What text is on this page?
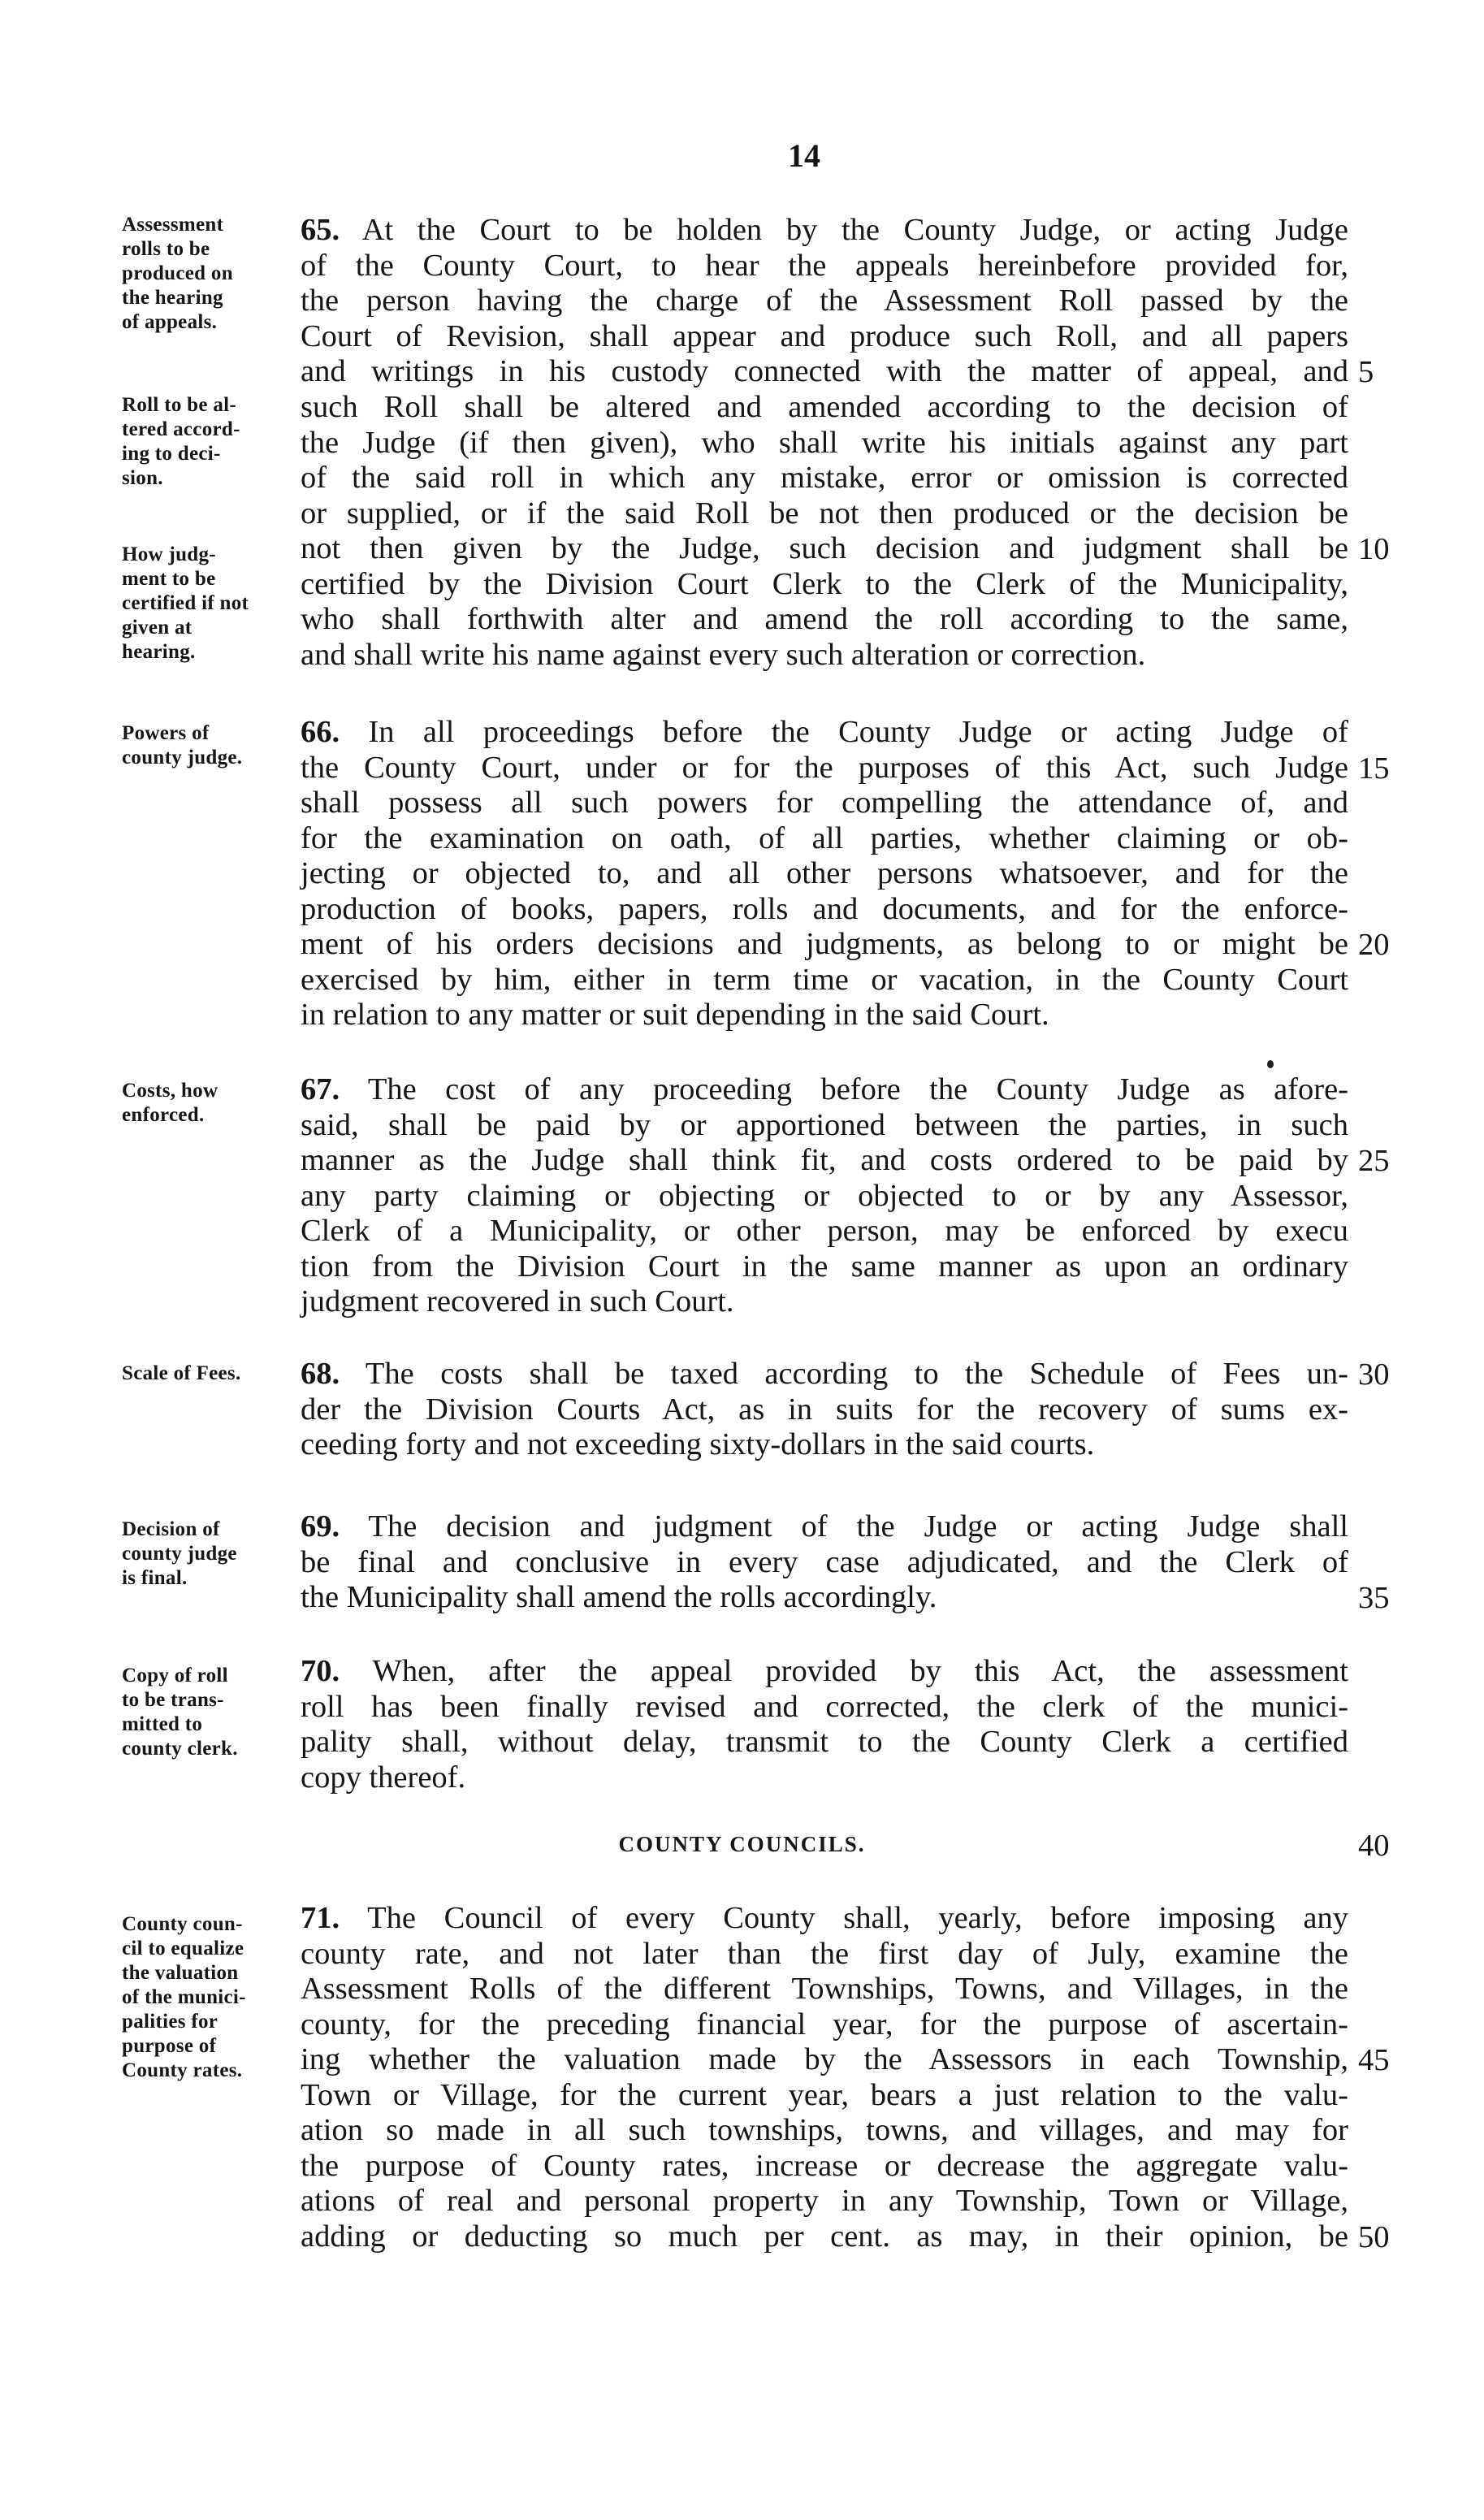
14

Assessment
rolls to be
produced on
the hearing
of appeals.
65. At the Court to be holden by the County Judge, or acting Judge
of the County Court, to hear the appeals hereinbefore provided for,
the person having the charge of the Assessment Roll passed by the
Court of Revision, shall appear and produce such Roll, and all papers
and writings in his custody connected with the matter of appeal, and
Roll to be al-
tered accord-
ing to deci-
sion.
such Roll shall be altered and amended according to the decision of
the Judge (if then given), who shall write his initials against any part
of the said roll in which any mistake, error or omission is corrected
or supplied, or if the said Roll be not then produced or the decision be
How judg-
ment to be
certified if not
given at
hearing.
not then given by the Judge, such decision and judgment shall be
certified by the Division Court Clerk to the Clerk of the Municipality,
who shall forthwith alter and amend the roll according to the same,
and shall write his name against every such alteration or correction.
Powers of
county judge.
66. In all proceedings before the County Judge or acting Judge of
the County Court, under or for the purposes of this Act, such Judge
shall possess all such powers for compelling the attendance of, and
for the examination on oath, of all parties, whether claiming or ob-
jecting or objected to, and all other persons whatsoever, and for the
production of books, papers, rolls and documents, and for the enforce-
ment of his orders decisions and judgments, as belong to or might be
exercised by him, either in term time or vacation, in the County Court
in relation to any matter or suit depending in the said Court.
Costs, how
enforced.
67. The cost of any proceeding before the County Judge as afore-
said, shall be paid by or apportioned between the parties, in such
manner as the Judge shall think fit, and costs ordered to be paid by
any party claiming or objecting or objected to or by any Assessor,
Clerk of a Municipality, or other person, may be enforced by execu
tion from the Division Court in the same manner as upon an ordinary
judgment recovered in such Court.
Scale of Fees.	68. The costs shall be taxed according to the Schedule of Fees un-
der the Division Courts Act, as in suits for the recovery of sums ex-
ceeding forty and not exceeding sixty-dollars in the said courts.
Decision of
county judge
is final.
69. The decision and judgment of the Judge or acting Judge shall
be final and conclusive in every case adjudicated, and the Clerk of
the Municipality shall amend the rolls accordingly.
Copy of roll
to be trans-
mitted to
county clerk.
70. When, after the appeal provided by this Act, the assessment
roll has been finally revised and corrected, the clerk of the munici-
pality shall, without delay, transmit to the County Clerk a certified
copy thereof.
COUNTY COUNCILS.
County coun-
cil to equalize
the valuation
of the munici-
palities for
purpose of
County rates.
71. The Council of every County shall, yearly, before imposing any
county rate, and not later than the first day of July, examine the
Assessment Rolls of the different Townships, Towns, and Villages, in the
county, for the preceding financial year, for the purpose of ascertain-
ing whether the valuation made by the Assessors in each Township,
Town or Village, for the current year, bears a just relation to the valu-
ation so made in all such townships, towns, and villages, and may for
the purpose of County rates, increase or decrease the aggregate valu-
ations of real and personal property in any Township, Town or Village,
adding or deducting so much per cent. as may, in their opinion, be
5
10
15
20
25
30
35
40
45
50
